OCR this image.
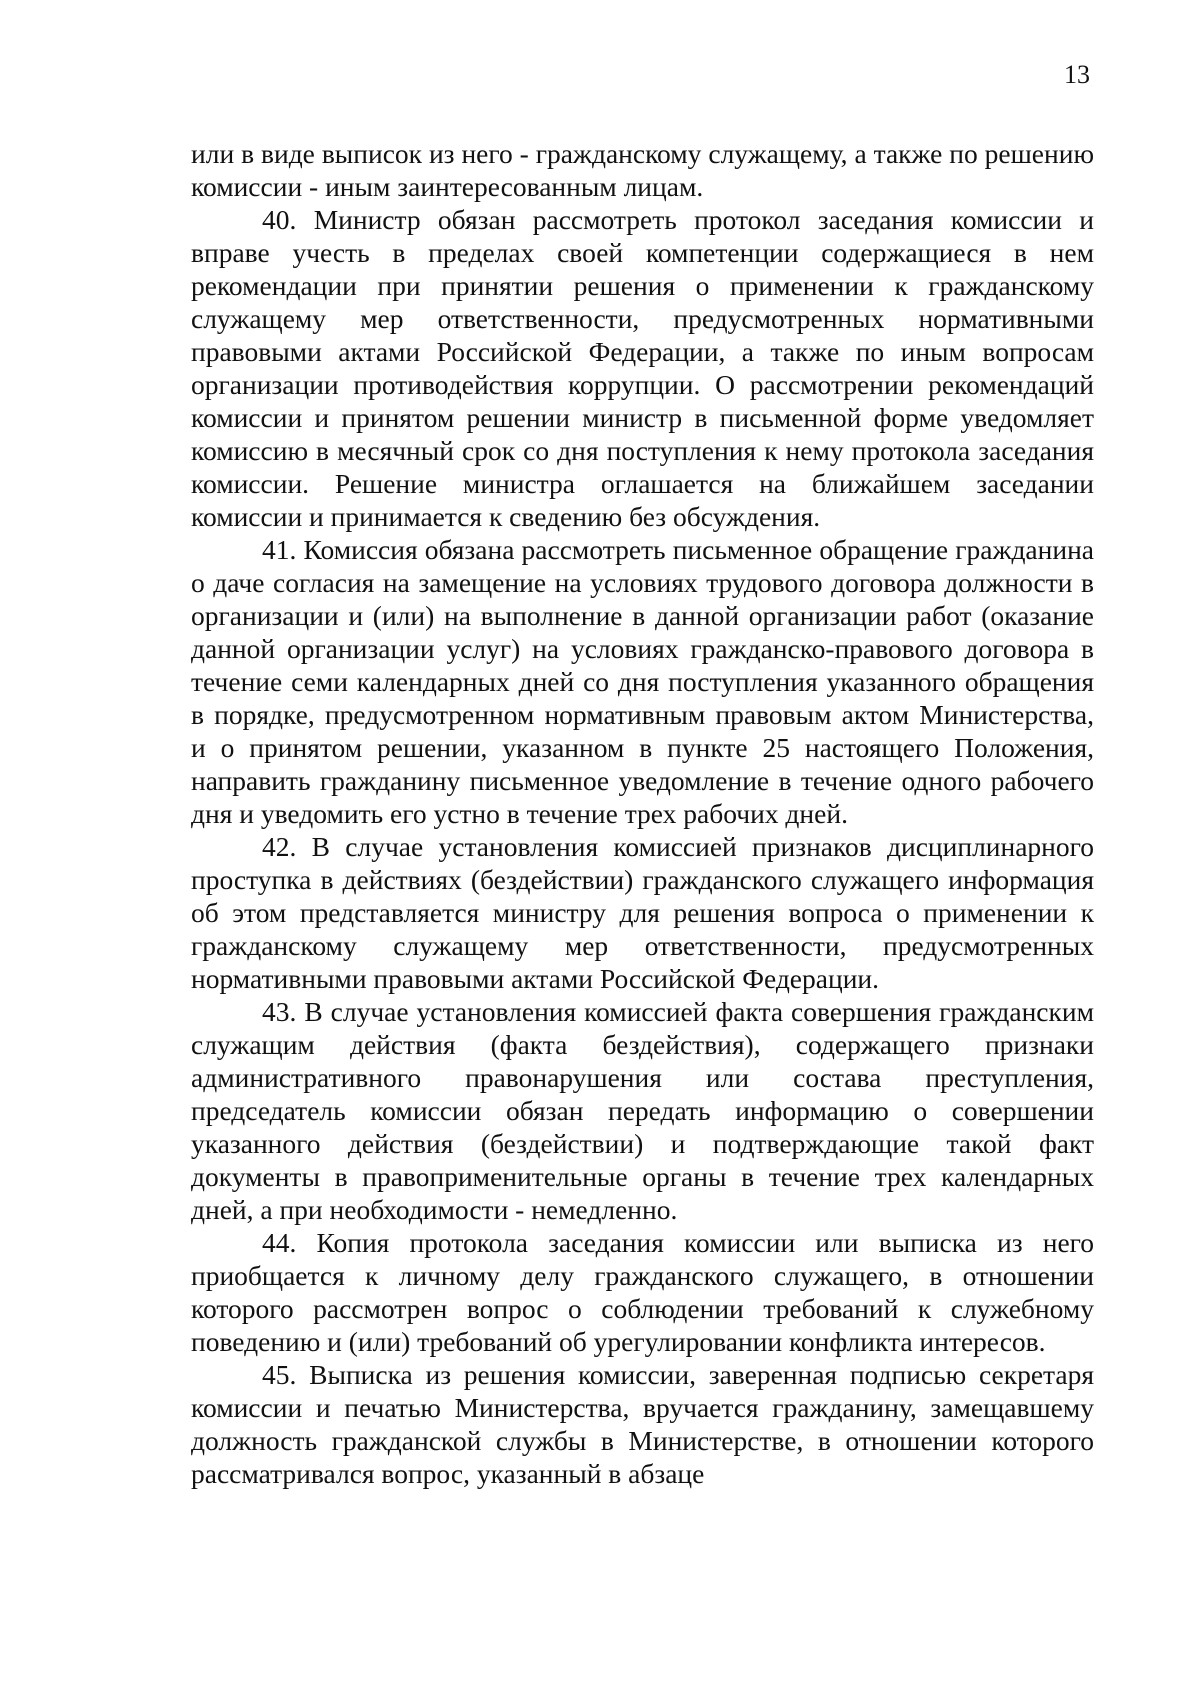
13

или в виде выписок из него - гражданскому служащему, а также по решению комиссии - иным заинтересованным лицам.

40. Министр обязан рассмотреть протокол заседания комиссии и вправе учесть в пределах своей компетенции содержащиеся в нем рекомендации при принятии решения о применении к гражданскому служащему мер ответственности, предусмотренных нормативными правовыми актами Российской Федерации, а также по иным вопросам организации противодействия коррупции. О рассмотрении рекомендаций комиссии и принятом решении министр в письменной форме уведомляет комиссию в месячный срок со дня поступления к нему протокола заседания комиссии. Решение министра оглашается на ближайшем заседании комиссии и принимается к сведению без обсуждения.

41. Комиссия обязана рассмотреть письменное обращение гражданина о даче согласия на замещение на условиях трудового договора должности в организации и (или) на выполнение в данной организации работ (оказание данной организации услуг) на условиях гражданско-правового договора в течение семи календарных дней со дня поступления указанного обращения в порядке, предусмотренном нормативным правовым актом Министерства, и о принятом решении, указанном в пункте 25 настоящего Положения, направить гражданину письменное уведомление в течение одного рабочего дня и уведомить его устно в течение трех рабочих дней.

42. В случае установления комиссией признаков дисциплинарного проступка в действиях (бездействии) гражданского служащего информация об этом представляется министру для решения вопроса о применении к гражданскому служащему мер ответственности, предусмотренных нормативными правовыми актами Российской Федерации.

43. В случае установления комиссией факта совершения гражданским служащим действия (факта бездействия), содержащего признаки административного правонарушения или состава преступления, председатель комиссии обязан передать информацию о совершении указанного действия (бездействии) и подтверждающие такой факт документы в правоприменительные органы в течение трех календарных дней, а при необходимости - немедленно.

44. Копия протокола заседания комиссии или выписка из него приобщается к личному делу гражданского служащего, в отношении которого рассмотрен вопрос о соблюдении требований к служебному поведению и (или) требований об урегулировании конфликта интересов.

45. Выписка из решения комиссии, заверенная подписью секретаря комиссии и печатью Министерства, вручается гражданину, замещавшему должность гражданской службы в Министерстве, в отношении которого рассматривался вопрос, указанный в абзаце
